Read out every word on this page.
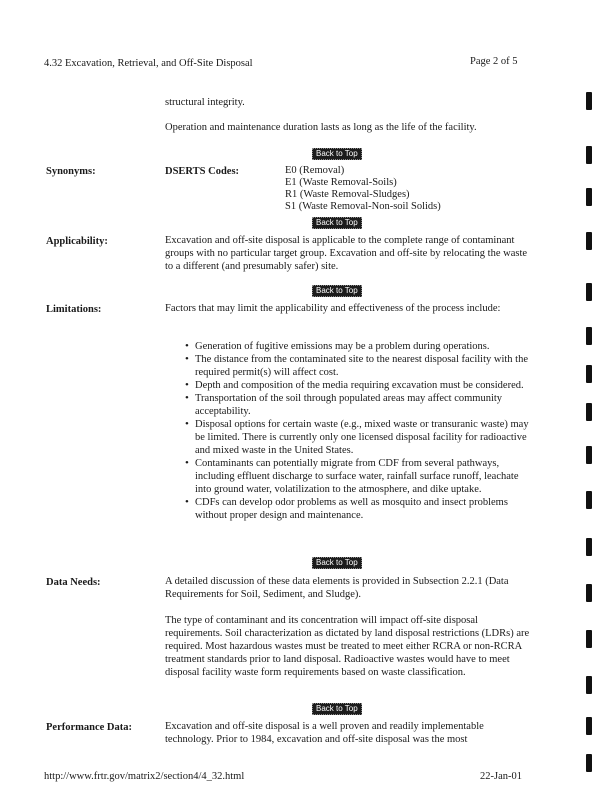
4.32 Excavation, Retrieval, and Off-Site Disposal	Page 2 of 5
structural integrity.
Operation and maintenance duration lasts as long as the life of the facility.
Back to Top
Synonyms:	DSERTS Codes:	E0 (Removal)
E1 (Waste Removal-Soils)
R1 (Waste Removal-Sludges)
S1 (Waste Removal-Non-soil Solids)
Back to Top
Applicability:	Excavation and off-site disposal is applicable to the complete range of contaminant groups with no particular target group. Excavation and off-site by relocating the waste to a different (and presumably safer) site.
Back to Top
Limitations:	Factors that may limit the applicability and effectiveness of the process include:
• Generation of fugitive emissions may be a problem during operations.
• The distance from the contaminated site to the nearest disposal facility with the required permit(s) will affect cost.
• Depth and composition of the media requiring excavation must be considered.
• Transportation of the soil through populated areas may affect community acceptability.
• Disposal options for certain waste (e.g., mixed waste or transuranic waste) may be limited. There is currently only one licensed disposal facility for radioactive and mixed waste in the United States.
• Contaminants can potentially migrate from CDF from several pathways, including effluent discharge to surface water, rainfall surface runoff, leachate into ground water, volatilization to the atmosphere, and dike uptake.
• CDFs can develop odor problems as well as mosquito and insect problems without proper design and maintenance.
Back to Top
Data Needs:	A detailed discussion of these data elements is provided in Subsection 2.2.1 (Data Requirements for Soil, Sediment, and Sludge).
The type of contaminant and its concentration will impact off-site disposal requirements. Soil characterization as dictated by land disposal restrictions (LDRs) are required. Most hazardous wastes must be treated to meet either RCRA or non-RCRA treatment standards prior to land disposal. Radioactive wastes would have to meet disposal facility waste form requirements based on waste classification.
Back to Top
Performance Data:	Excavation and off-site disposal is a well proven and readily implementable technology. Prior to 1984, excavation and off-site disposal was the most
http://www.frtr.gov/matrix2/section4/4_32.html	22-Jan-01
